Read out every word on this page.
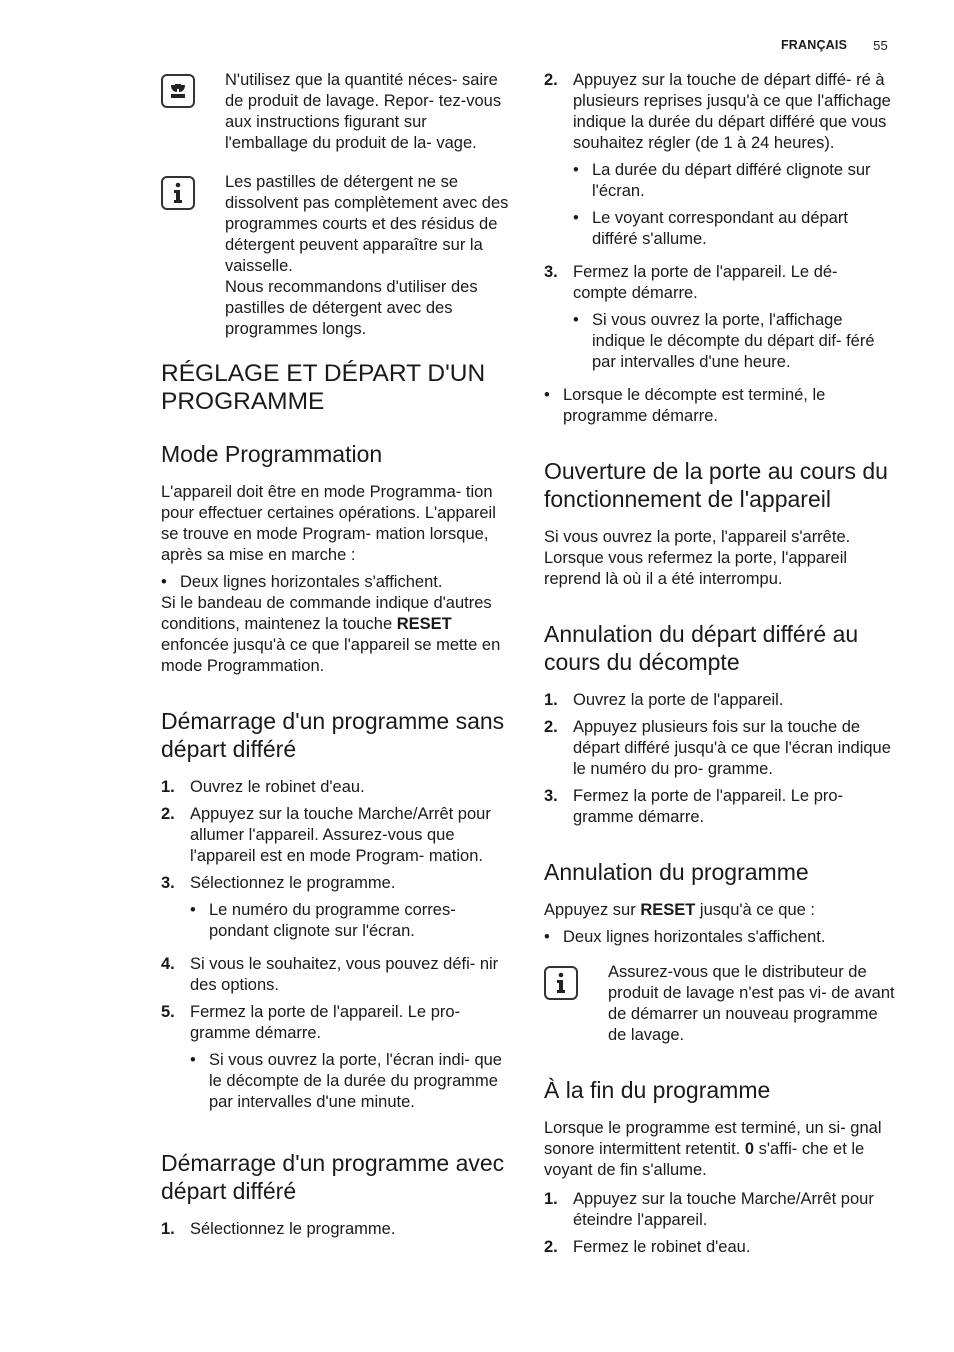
FRANÇAIS 55
N'utilisez que la quantité néces- saire de produit de lavage. Repor- tez-vous aux instructions figurant sur l'emballage du produit de la- vage.
Les pastilles de détergent ne se dissolvent pas complètement avec des programmes courts et des résidus de détergent peuvent apparaître sur la vaisselle.
Nous recommandons d'utiliser des pastilles de détergent avec des programmes longs.
RÉGLAGE ET DÉPART D'UN PROGRAMME
Mode Programmation

L'appareil doit être en mode Programma- tion pour effectuer certaines opérations. L'appareil se trouve en mode Program- mation lorsque, après sa mise en marche :

• Deux lignes horizontales s'affichent.

Si le bandeau de commande indique d'autres conditions, maintenez la touche RESET enfoncée jusqu'à ce que l'appareil se mette en mode Programmation.

Démarrage d'un programme sans départ différé
1. Ouvrez le robinet d'eau.
2. Appuyez sur la touche Marche/Arrêt pour allumer l'appareil. Assurez-vous que l'appareil est en mode Program- mation.
3. Sélectionnez le programme.
• Le numéro du programme corres- pondant clignote sur l'écran.
4. Si vous le souhaitez, vous pouvez défi- nir des options.
5. Fermez la porte de l'appareil. Le pro- gramme démarre.
• Si vous ouvrez la porte, l'écran indi- que le décompte de la durée du programme par intervalles d'une minute.
Démarrage d'un programme avec départ différé
1. Sélectionnez le programme.
2. Appuyez sur la touche de départ diffé- ré à plusieurs reprises jusqu'à ce que l'affichage indique la durée du départ différé que vous souhaitez régler (de 1 à 24 heures).
• La durée du départ différé clignote sur l'écran.
• Le voyant correspondant au départ différé s'allume.
3. Fermez la porte de l'appareil. Le dé- compte démarre.
• Si vous ouvrez la porte, l'affichage indique le décompte du départ dif- féré par intervalles d'une heure.
• Lorsque le décompte est terminé, le programme démarre.
Ouverture de la porte au cours du fonctionnement de l'appareil

Si vous ouvrez la porte, l'appareil s'arrête. Lorsque vous refermez la porte, l'appareil reprend là où il a été interrompu.

Annulation du départ différé au cours du décompte
1. Ouvrez la porte de l'appareil.
2. Appuyez plusieurs fois sur la touche de départ différé jusqu'à ce que l'écran indique le numéro du pro- gramme.
3. Fermez la porte de l'appareil. Le pro- gramme démarre.
Annulation du programme

Appuyez sur RESET jusqu'à ce que :

• Deux lignes horizontales s'affichent.
Assurez-vous que le distributeur de produit de lavage n'est pas vi- de avant de démarrer un nouveau programme de lavage.
À la fin du programme

Lorsque le programme est terminé, un si- gnal sonore intermittent retentit. 0 s'affi- che et le voyant de fin s'allume.

1. Appuyez sur la touche Marche/Arrêt pour éteindre l'appareil.
2. Fermez le robinet d'eau.
